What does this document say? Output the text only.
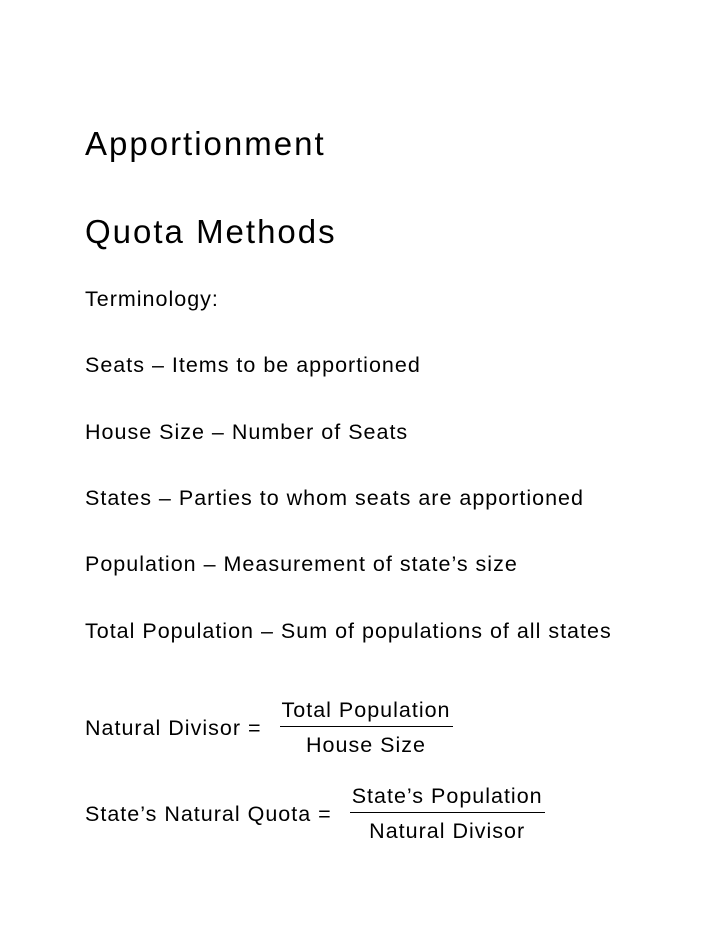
Apportionment
Quota Methods
Terminology:
Seats – Items to be apportioned
House Size – Number of Seats
States – Parties to whom seats are apportioned
Population – Measurement of state’s size
Total Population – Sum of populations of all states
Natural Divisor = $\frac{\text{Total Population}}{\text{House Size}}$
State’s Natural Quota = $\frac{\text{State’s Population}}{\text{Natural Divisor}}$
